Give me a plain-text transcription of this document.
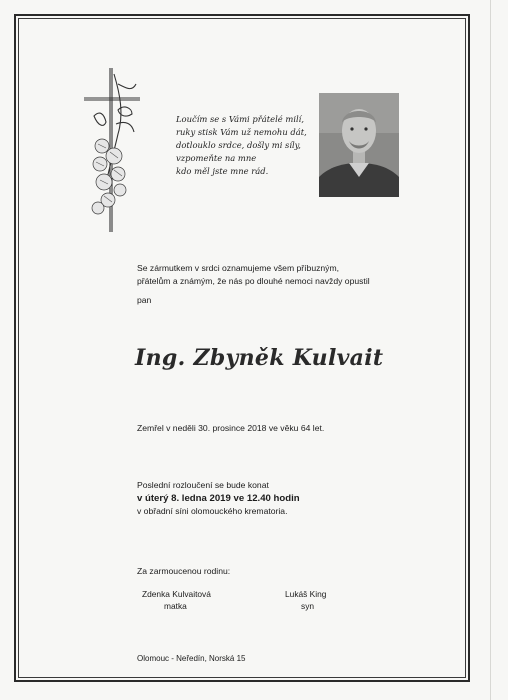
Loučím se s Vámi přátelé milí,
ruky stisk Vám už nemohu dát,
dotlouklo srdce, došly mi síly,
vzpomeňte na mne
kdo měl jste mne rád.
Se zármutkem v srdci oznamujeme všem příbuzným,
přátelům a známým, že nás po dlouhé nemoci navždy opustil
pan
Ing. Zbyněk Kulvait
Zemřel v neděli 30. prosince 2018 ve věku 64 let.
Poslední rozloučení se bude konat
v úterý 8. ledna 2019 ve 12.40 hodin
v obřadní síni olomouckého krematoria.
Za zarmoucenou rodinu:
Zdenka Kulvaitová
matka
Lukáš King
syn
Olomouc - Neředín, Norská 15
